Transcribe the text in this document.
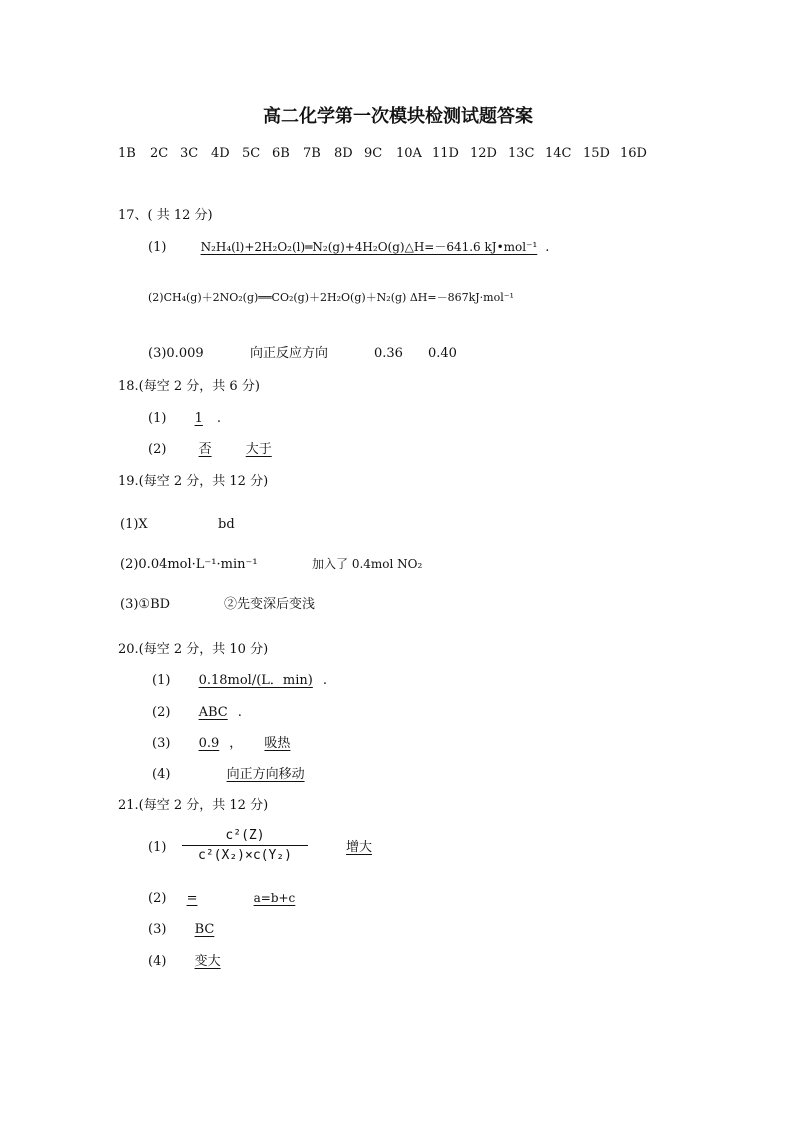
高二化学第一次模块检测试题答案
1B 2C 3C 4D 5C 6B 7B 8D 9C 10A 11D 12D 13C 14C 15D 16D
17、( 共 12 分)
(1)	N₂H₄(l)+2H₂O₂(l)═N₂(g)+4H₂O(g)△H=－641.6 kJ•mol⁻¹ .
(2)CH₄(g)＋2NO₂(g)══CO₂(g)＋2H₂O(g)＋N₂(g) ΔH=－867kJ·mol⁻¹
(3)0.009	向正反应方向	0.36 0.40
18.(每空 2 分，共 6 分)
(1) 1 .
(2) 否	大于
19.(每空 2 分，共 12 分)
(1)X	bd
(2)0.04mol·L⁻¹·min⁻¹	加入了 0.4mol NO₂
(3)①BD	②先变深后变浅
20.(每空 2 分，共 10 分)
(1) 0.18mol/(L．min) .
(2) ABC .
(3) 0.9 ， 吸热
(4)	向正方向移动
21.(每空 2 分，共 12 分)
(1)
c²(Z)
c²(X₂)×c(Y₂)
增大
(2) =	a=b+c
(3) BC
(4) 变大
